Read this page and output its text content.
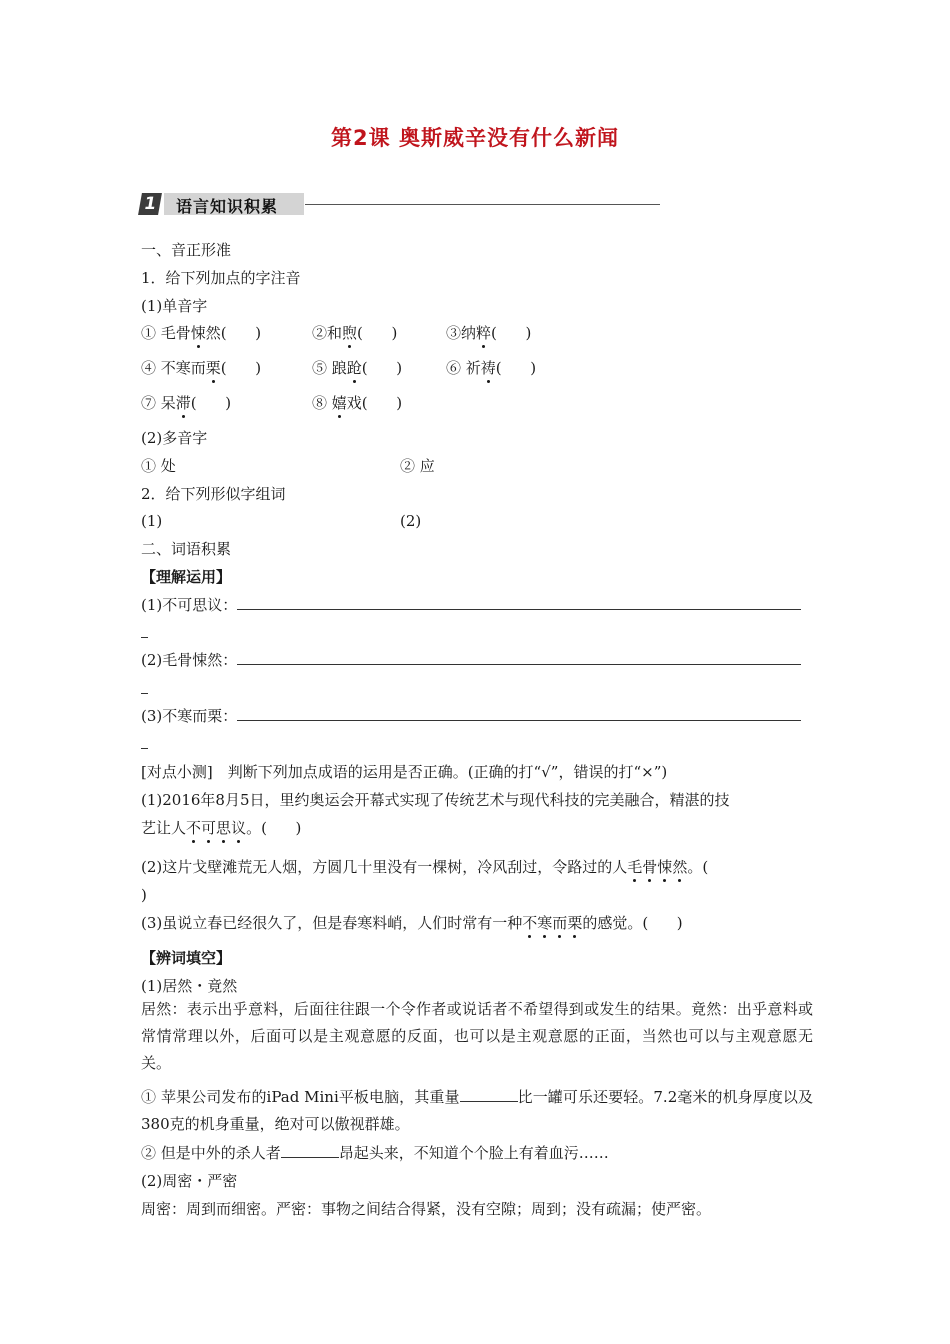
第2课 奥斯威辛没有什么新闻
1 语言知识积累
一、音正形准
1．给下列加点的字注音
(1)单音字
① 毛骨悚然(      )	②和煦(      )	③纳粹(      )
④ 不寒而栗(      )	⑤ 踉跄(      )	⑥ 祈祷(      )
⑦ 呆滞(      )	⑧ 嬉戏(      )
(2)多音字
① 处	② 应
2．给下列形似字组词
(1)	(2)
二、词语积累
【理解运用】
(1)不可思议：
(2)毛骨悚然：
(3)不寒而栗：
[对点小测]　判断下列加点成语的运用是否正确。(正确的打“√”，错误的打“×”)
(1)2016年8月5日，里约奥运会开幕式实现了传统艺术与现代科技的完美融合，精湛的技
艺让人不可思议。(      )
(2)这片戈壁滩荒无人烟，方圆几十里没有一棵树，冷风刮过，令路过的人毛骨悚然。(
)
(3)虽说立春已经很久了，但是春寒料峭，人们时常有一种不寒而栗的感觉。(      )
【辨词填空】
(1)居然・竟然
居然：表示出乎意料，后面往往跟一个令作者或说话者不希望得到或发生的结果。竟然：出乎意料或常情常理以外，后面可以是主观意愿的反面，也可以是主观意愿的正面，当然也可以与主观意愿无关。
① 苹果公司发布的iPad Mini平板电脑，其重量	比一罐可乐还要轻。7.2毫米的机身厚度以及380克的机身重量，绝对可以傲视群雄。
② 但是中外的杀人者	昂起头来，不知道个个脸上有着血污……
(2)周密・严密
周密：周到而细密。严密：事物之间结合得紧，没有空隙；周到；没有疏漏；使严密。
